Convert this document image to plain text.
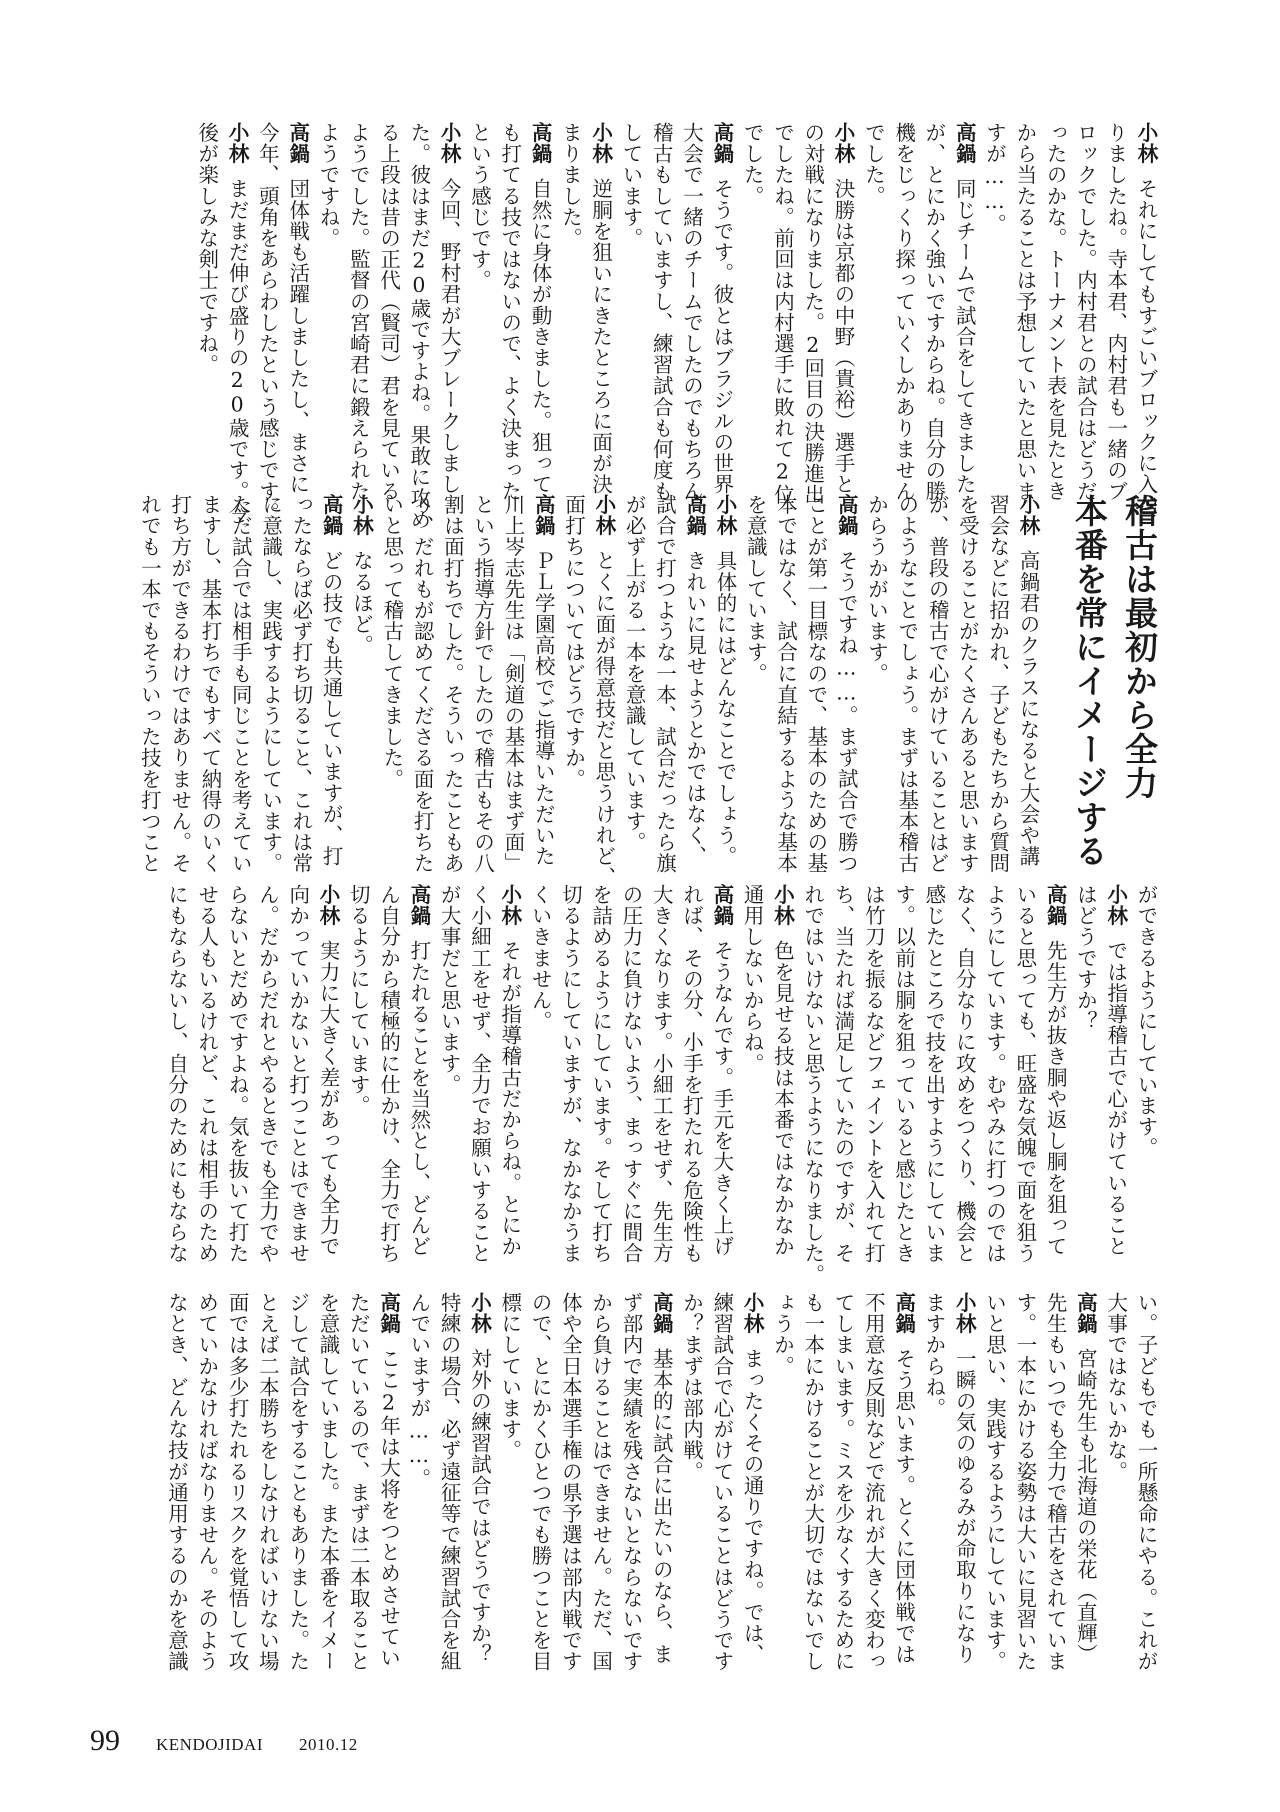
小林それにしてもすごいブロックに入
りましたね。寺本君、内村君も一緒のブ
ロックでした。内村君との試合はどうだ
ったのかな。トーナメント表を見たとき
から当たることは予想していたと思いま
すが……。
高鍋同じチームで試合をしてきました
が、とにかく強いですからね。自分の勝
機をじっくり探っていくしかありません
でした。
小林決勝は京都の中野（貴裕）選手と
の対戦になりました。2回目の決勝進出
でしたね。前回は内村選手に敗れて2位
でした。
高鍋そうです。彼とはブラジルの世界
大会で一緒のチームでしたのでもちろん
稽古もしていますし、練習試合も何度も
しています。
小林逆胴を狙いにきたところに面が決
まりました。
高鍋自然に身体が動きました。狙って
も打てる技ではないので、よく決まった
という感じです。
小林今回、野村君が大ブレークしまし
た。彼はまだ20歳ですよね。果敢に攻め
る上段は昔の正代（賢司）君を見ている
ようでした。監督の宮崎君に鍛えられた
ようですね。
高鍋団体戦も活躍しましたし、まさに
今年、頭角をあらわしたという感じです。
小林まだまだ伸び盛りの20歳です。今
後が楽しみな剣士ですね。
稽古は最初から全力
本番を常にイメージする
小林高鍋君のクラスになると大会や講
習会などに招かれ、子どもたちから質問
を受けることがたくさんあると思います
が、普段の稽古で心がけていることはど
のようなことでしょう。まずは基本稽古
からうかがいます。
高鍋そうですね……。まず試合で勝つ
ことが第一目標なので、基本のための基
本ではなく、試合に直結するような基本
を意識しています。
小林具体的にはどんなことでしょう。
高鍋きれいに見せようとかではなく、
試合で打つような一本、試合だったら旗
が必ず上がる一本を意識しています。
小林とくに面が得意技だと思うけれど、
面打ちについてはどうですか。
高鍋ＰＬ学園高校でご指導いただいた
川上岑志先生は「剣道の基本はまず面」
という指導方針でしたので稽古もその八
割は面打ちでした。そういったこともあ
り、だれもが認めてくださる面を打ちた
いと思って稽古してきました。
小林なるほど。
高鍋どの技でも共通していますが、打
ったならば必ず打ち切ること、これは常
に意識し、実践するようにしています。
ただ試合では相手も同じことを考えてい
ますし、基本打ちでもすべて納得のいく
打ち方ができるわけではありません。そ
れでも一本でもそういった技を打つこと
ができるようにしています。
小林では指導稽古で心がけていること
はどうですか？
高鍋先生方が抜き胴や返し胴を狙って
いると思っても、旺盛な気魄で面を狙う
ようにしています。むやみに打つのでは
なく、自分なりに攻めをつくり、機会と
感じたところで技を出すようにしていま
す。以前は胴を狙っていると感じたとき
は竹刀を振るなどフェイントを入れて打
ち、当たれば満足していたのですが、そ
れではいけないと思うようになりました。
小林色を見せる技は本番ではなかなか
通用しないからね。
高鍋そうなんです。手元を大きく上げ
れば、その分、小手を打たれる危険性も
大きくなります。小細工をせず、先生方
の圧力に負けないよう、まっすぐに間合
を詰めるようにしています。そして打ち
切るようにしていますが、なかなかうま
くいきません。
小林それが指導稽古だからね。とにか
く小細工をせず、全力でお願いすること
が大事だと思います。
高鍋打たれることを当然とし、どんど
ん自分から積極的に仕かけ、全力で打ち
切るようにしています。
小林実力に大きく差があっても全力で
向かっていかないと打つことはできませ
ん。だからだれとやるときでも全力でや
らないとだめですよね。気を抜いて打た
せる人もいるけれど、これは相手のため
にもならないし、自分のためにもならな
い。子どもでも一所懸命にやる。これが
大事ではないかな。
高鍋宮崎先生も北海道の栄花（直輝）
先生もいつでも全力で稽古をされていま
す。一本にかける姿勢は大いに見習いた
いと思い、実践するようにしています。
小林一瞬の気のゆるみが命取りになり
ますからね。
高鍋そう思います。とくに団体戦では
不用意な反則などで流れが大きく変わっ
てしまいます。ミスを少なくするために
も一本にかけることが大切ではないでし
ょうか。
小林まったくその通りですね。では、
練習試合で心がけていることはどうです
か？まずは部内戦。
高鍋基本的に試合に出たいのなら、ま
ず部内で実績を残さないとならないです
から負けることはできません。ただ、国
体や全日本選手権の県予選は部内戦です
ので、とにかくひとつでも勝つことを目
標にしています。
小林対外の練習試合ではどうですか？
特練の場合、必ず遠征等で練習試合を組
んでいますが……。
高鍋ここ2年は大将をつとめさせてい
ただいているので、まずは二本取ること
を意識していました。また本番をイメー
ジして試合をすることもありました。た
とえば二本勝ちをしなければいけない場
面では多少打たれるリスクを覚悟して攻
めていかなければなりません。そのよう
なとき、どんな技が通用するのかを意識
99 KENDOJIDAI 2010.12
